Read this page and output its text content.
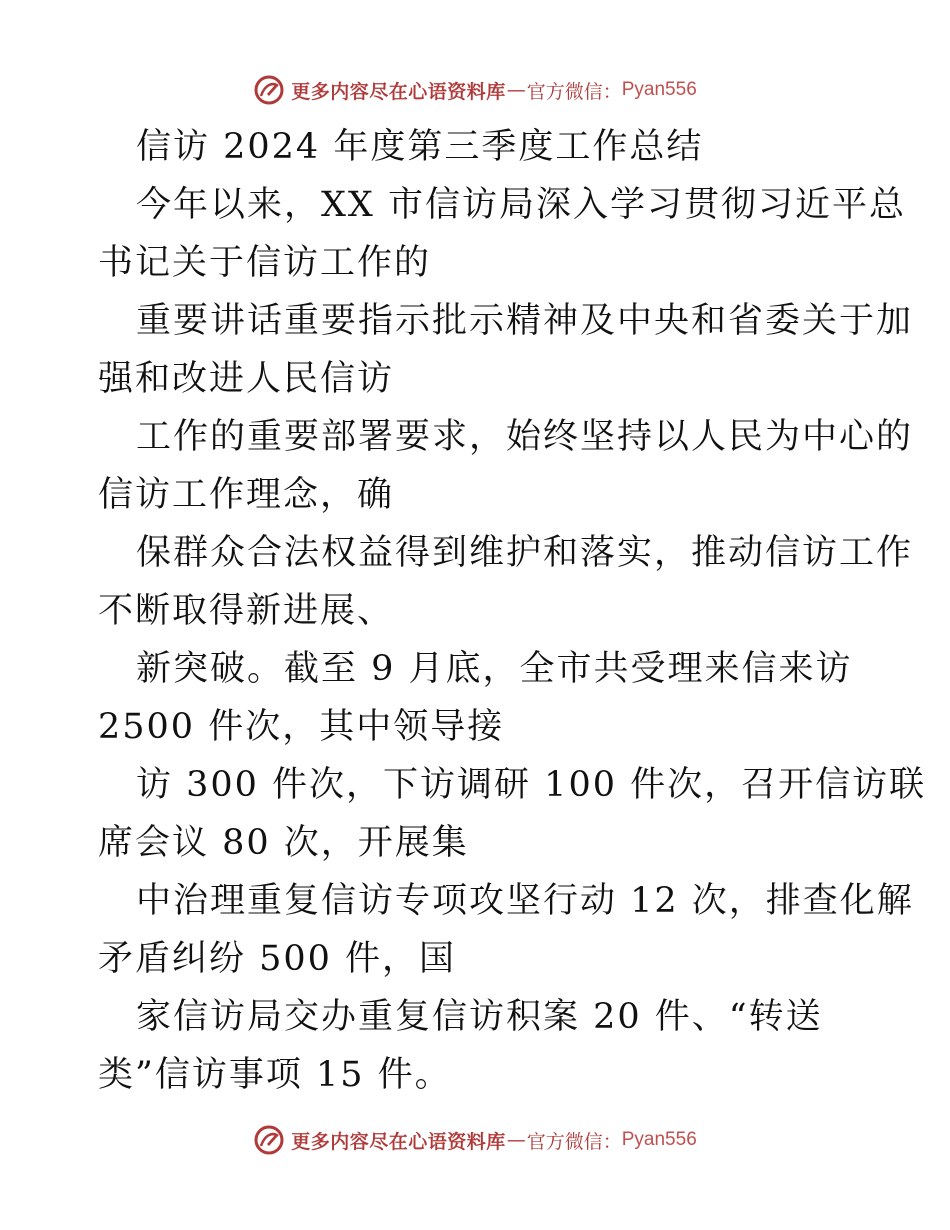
更多内容尽在心语资料库 — 官方微信： Pyan556
信访 2024 年度第三季度工作总结
今年以来，XX 市信访局深入学习贯彻习近平总
书记关于信访工作的
重要讲话重要指示批示精神及中央和省委关于加
强和改进人民信访
工作的重要部署要求，始终坚持以人民为中心的
信访工作理念，确
保群众合法权益得到维护和落实，推动信访工作
不断取得新进展、
新突破。截至 9 月底，全市共受理来信来访
2500 件次，其中领导接
访 300 件次，下访调研 100 件次，召开信访联
席会议 80 次，开展集
中治理重复信访专项攻坚行动 12 次，排查化解
矛盾纠纷 500 件，国
家信访局交办重复信访积案 20 件、“转送
类”信访事项 15 件。
更多内容尽在心语资料库 — 官方微信： Pyan556
